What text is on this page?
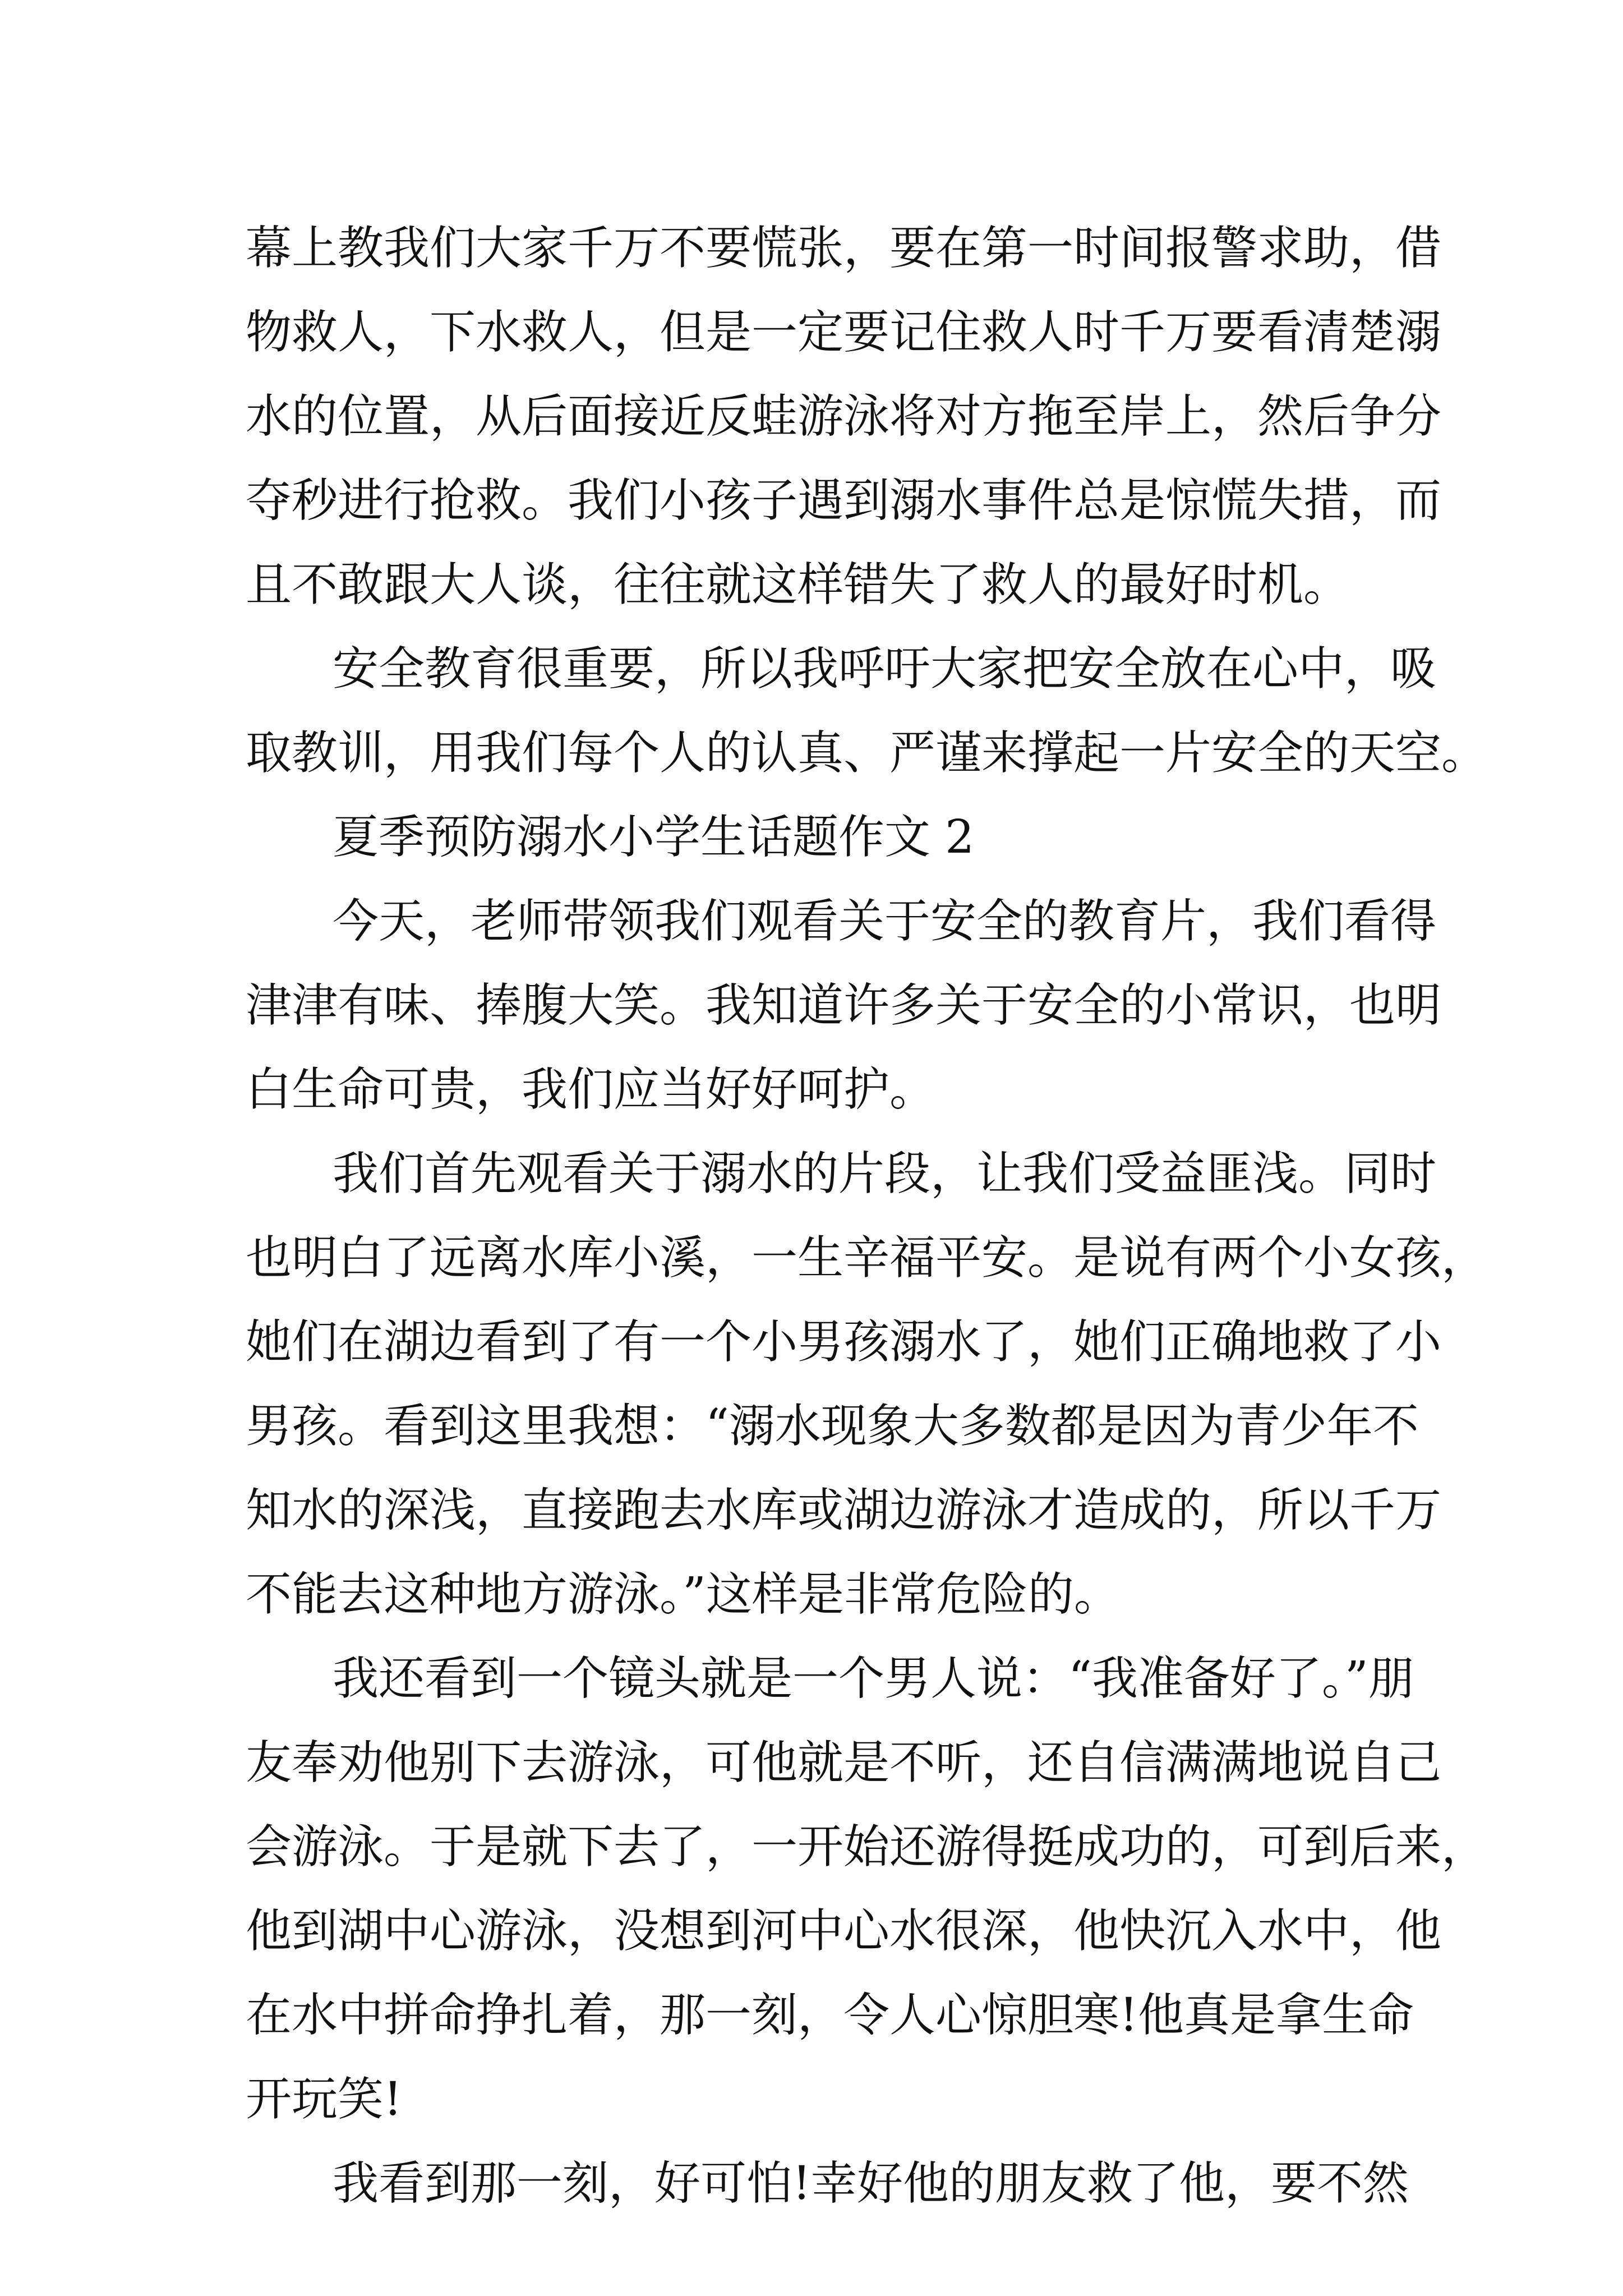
幕上教我们大家千万不要慌张，要在第一时间报警求助，借
物救人，下水救人，但是一定要记住救人时千万要看清楚溺
水的位置，从后面接近反蛙游泳将对方拖至岸上，然后争分
夺秒进行抢救。我们小孩子遇到溺水事件总是惊慌失措，而
且不敢跟大人谈，往往就这样错失了救人的最好时机。
安全教育很重要，所以我呼吁大家把安全放在心中，吸
取教训，用我们每个人的认真、严谨来撑起一片安全的天空。
夏季预防溺水小学生话题作文 2
今天，老师带领我们观看关于安全的教育片，我们看得
津津有味、捧腹大笑。我知道许多关于安全的小常识，也明
白生命可贵，我们应当好好呵护。
我们首先观看关于溺水的片段，让我们受益匪浅。同时
也明白了远离水库小溪，一生辛福平安。是说有两个小女孩，
她们在湖边看到了有一个小男孩溺水了，她们正确地救了小
男孩。看到这里我想：“溺水现象大多数都是因为青少年不
知水的深浅，直接跑去水库或湖边游泳才造成的，所以千万
不能去这种地方游泳。”这样是非常危险的。
我还看到一个镜头就是一个男人说：“我准备好了。”朋
友奉劝他别下去游泳，可他就是不听，还自信满满地说自己
会游泳。于是就下去了，一开始还游得挺成功的，可到后来，
他到湖中心游泳，没想到河中心水很深，他快沉入水中，他
在水中拼命挣扎着，那一刻，令人心惊胆寒!他真是拿生命
开玩笑!
我看到那一刻，好可怕!幸好他的朋友救了他，要不然
